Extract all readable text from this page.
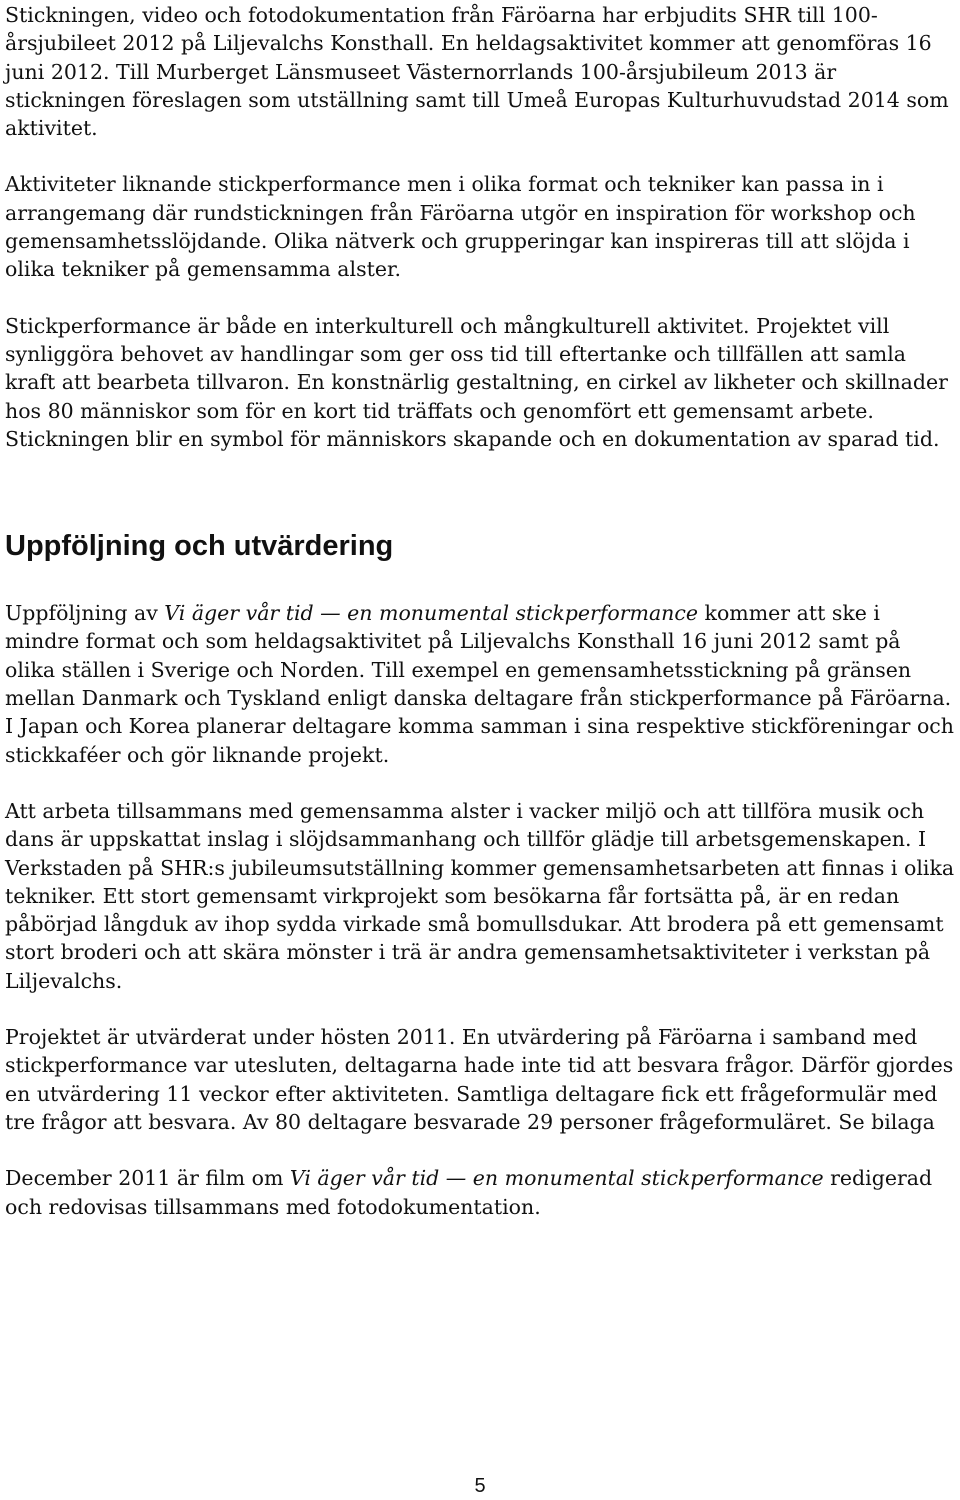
Stickningen, video och fotodokumentation från Färöarna har erbjudits SHR till 100-årsjubileet 2012 på Liljevalchs Konsthall. En heldagsaktivitet kommer att genomföras 16 juni 2012. Till Murberget Länsmuseet Västernorrlands 100-årsjubileum 2013 är stickningen föreslagen som utställning samt till Umeå Europas Kulturhuvudstad 2014 som aktivitet.

Aktiviteter liknande stickperformance men i olika format och tekniker kan passa in i arrangemang där rundstickningen från Färöarna utgör en inspiration för workshop och gemensamhetsslöjdande. Olika nätverk och grupperingar kan inspireras till att slöjda i olika tekniker på gemensamma alster.

Stickperformance är både en interkulturell och mångkulturell aktivitet. Projektet vill synliggöra behovet av handlingar som ger oss tid till eftertanke och tillfällen att samla kraft att bearbeta tillvaron. En konstnärlig gestaltning, en cirkel av likheter och skillnader hos 80 människor som för en kort tid träffats och genomfört ett gemensamt arbete. Stickningen blir en symbol för människors skapande och en dokumentation av sparad tid.

Uppföljning och utvärdering

Uppföljning av Vi äger vår tid — en monumental stickperformance kommer att ske i mindre format och som heldagsaktivitet på Liljevalchs Konsthall 16 juni 2012 samt på olika ställen i Sverige och Norden. Till exempel en gemensamhetsstickning på gränsen mellan Danmark och Tyskland enligt danska deltagare från stickperformance på Färöarna. I Japan och Korea planerar deltagare komma samman i sina respektive stickföreningar och stickkaféer och gör liknande projekt.

Att arbeta tillsammans med gemensamma alster i vacker miljö och att tillföra musik och dans är uppskattat inslag i slöjdsammanhang och tillför glädje till arbetsgemenskapen. I Verkstaden på SHR:s jubileumsutställning kommer gemensamhetsarbeten att finnas i olika tekniker. Ett stort gemensamt virkprojekt som besökarna får fortsätta på, är en redan påbörjad långduk av ihop sydda virkade små bomullsdukar. Att brodera på ett gemensamt stort broderi och att skära mönster i trä är andra gemensamhetsaktiviteter i verkstan på Liljevalchs.

Projektet är utvärderat under hösten 2011. En utvärdering på Färöarna i samband med stickperformance var utesluten, deltagarna hade inte tid att besvara frågor. Därför gjordes en utvärdering 11 veckor efter aktiviteten. Samtliga deltagare fick ett frågeformulär med tre frågor att besvara. Av 80 deltagare besvarade 29 personer frågeformuläret. Se bilaga

December 2011 är film om Vi äger vår tid — en monumental stickperformance redigerad och redovisas tillsammans med fotodokumentation.

5
